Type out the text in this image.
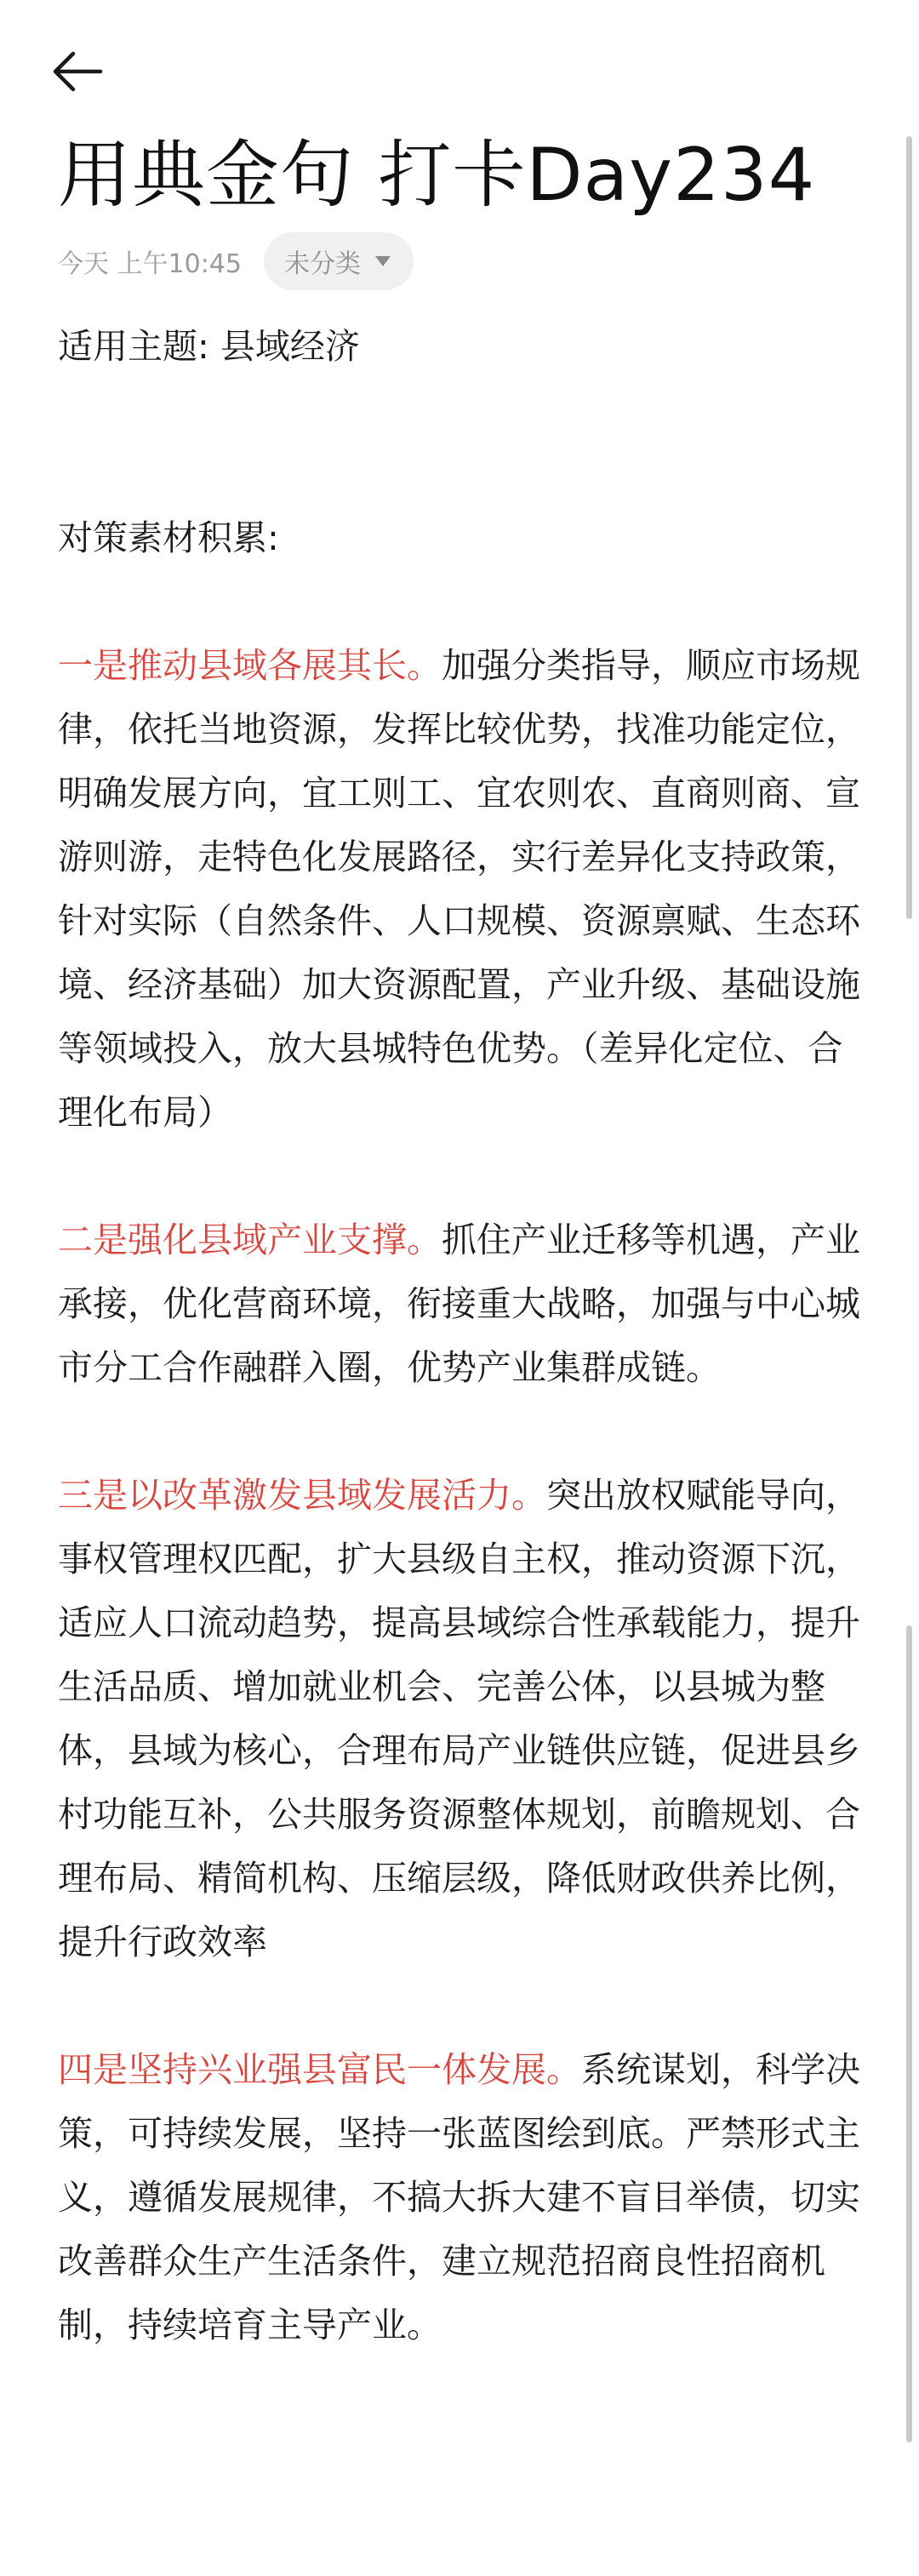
用典金句 打卡Day234
今天 上午10:45 未分类

适用主题: 县域经济

对策素材积累:

一是推动县域各展其长。加强分类指导，顺应市场规律，依托当地资源，发挥比较优势，找准功能定位，明确发展方向，宜工则工、宜农则农、直商则商、宣游则游，走特色化发展路径，实行差异化支持政策，针对实际（自然条件、人口规模、资源禀赋、生态环境、经济基础）加大资源配置，产业升级、基础设施等领域投入，放大县城特色优势。（差异化定位、合理化布局）

二是强化县域产业支撑。抓住产业迁移等机遇，产业承接，优化营商环境，衔接重大战略，加强与中心城市分工合作融群入圈，优势产业集群成链。

三是以改革激发县域发展活力。突出放权赋能导向，事权管理权匹配，扩大县级自主权，推动资源下沉，适应人口流动趋势，提高县域综合性承载能力，提升生活品质、增加就业机会、完善公体，以县城为整体，县域为核心，合理布局产业链供应链，促进县乡村功能互补，公共服务资源整体规划，前瞻规划、合理布局、精简机构、压缩层级，降低财政供养比例，提升行政效率

四是坚持兴业强县富民一体发展。系统谋划，科学决策，可持续发展，坚持一张蓝图绘到底。严禁形式主义，遵循发展规律，不搞大拆大建不盲目举债，切实改善群众生产生活条件，建立规范招商良性招商机制，持续培育主导产业。
